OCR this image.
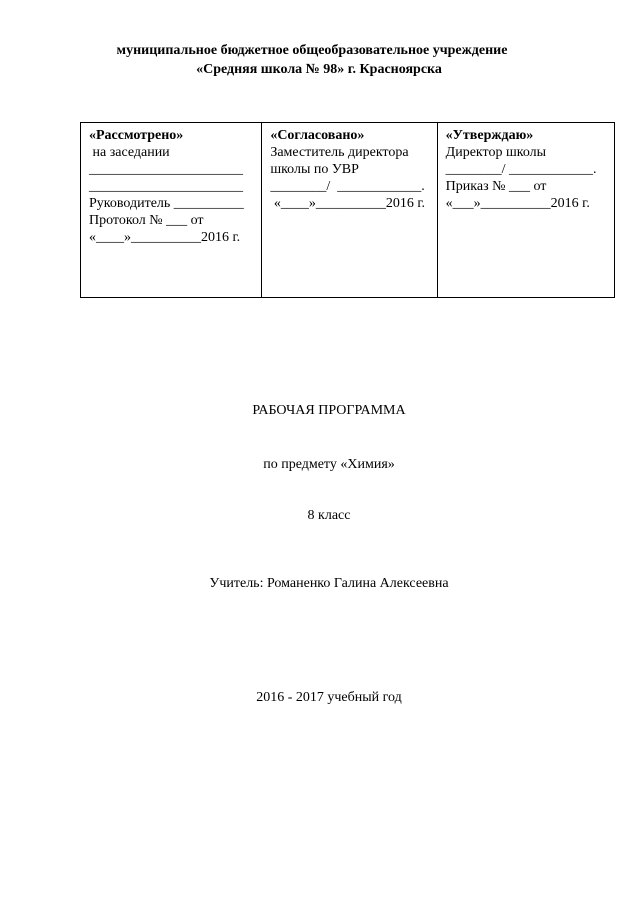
муниципальное бюджетное общеобразовательное учреждение
«Средняя школа № 98» г. Красноярска
«Рассмотрено»
на заседании
______________________
______________________
Руководитель __________
Протокол № ___ от
«____»__________2016 г.
«Согласовано»
Заместитель директора
школы по УВР
________/  ____________.
«____»__________2016 г.
«Утверждаю»
Директор школы
________/ ____________.
Приказ № ___ от
«___»__________2016 г.
РАБОЧАЯ ПРОГРАММА
по предмету «Химия»
8 класс
Учитель: Романенко Галина Алексеевна
2016 - 2017 учебный год
